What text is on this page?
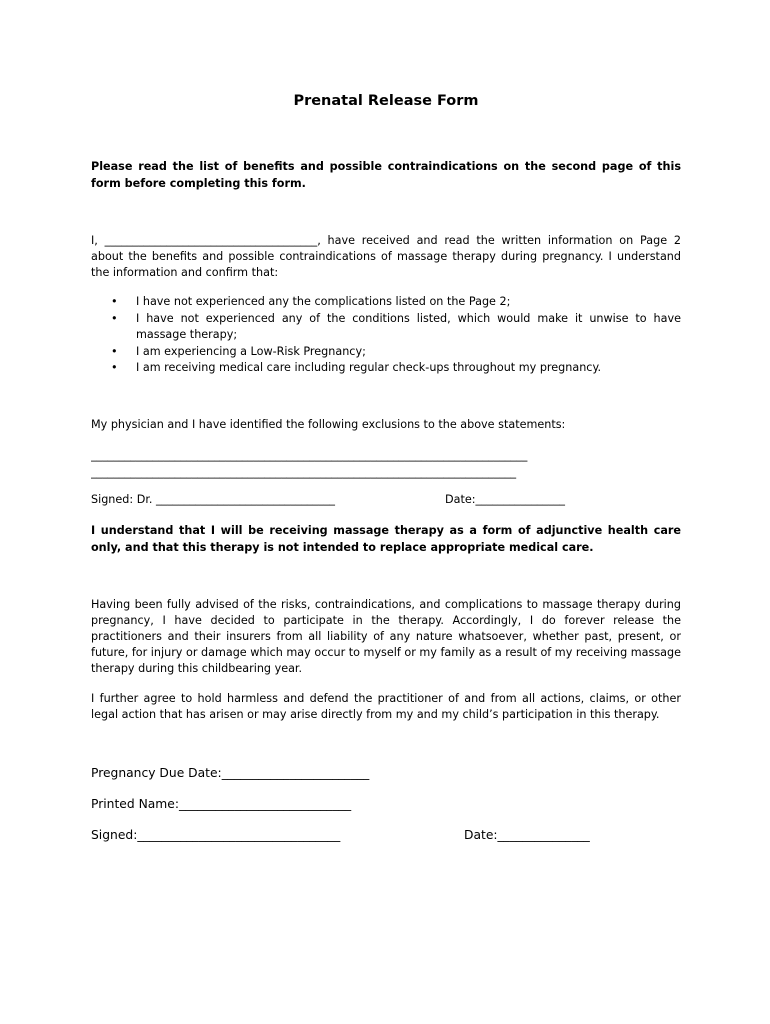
Prenatal Release Form
Please read the list of benefits and possible contraindications on the second page of this form before completing this form.
I, ______________________________________, have received and read the written information on Page 2 about the benefits and possible contraindications of massage therapy during pregnancy. I understand the information and confirm that:
• I have not experienced any the complications listed on the Page 2;
• I have not experienced any of the conditions listed, which would make it unwise to have massage therapy;
• I am experiencing a Low-Risk Pregnancy;
• I am receiving medical care including regular check-ups throughout my pregnancy.
My physician and I have identified the following exclusions to the above statements:
______________________________________________________________________________
____________________________________________________________________________
Signed: Dr. ________________________________	Date:________________
I understand that I will be receiving massage therapy as a form of adjunctive health care only, and that this therapy is not intended to replace appropriate medical care.
Having been fully advised of the risks, contraindications, and complications to massage therapy during pregnancy, I have decided to participate in the therapy. Accordingly, I do forever release the practitioners and their insurers from all liability of any nature whatsoever, whether past, present, or future, for injury or damage which may occur to myself or my family as a result of my receiving massage therapy during this childbearing year.
I further agree to hold harmless and defend the practitioner of and from all actions, claims, or other legal action that has arisen or may arise directly from my and my child’s participation in this therapy.
Pregnancy Due Date:________________________
Printed Name:____________________________
Signed:_________________________________	Date:_______________
